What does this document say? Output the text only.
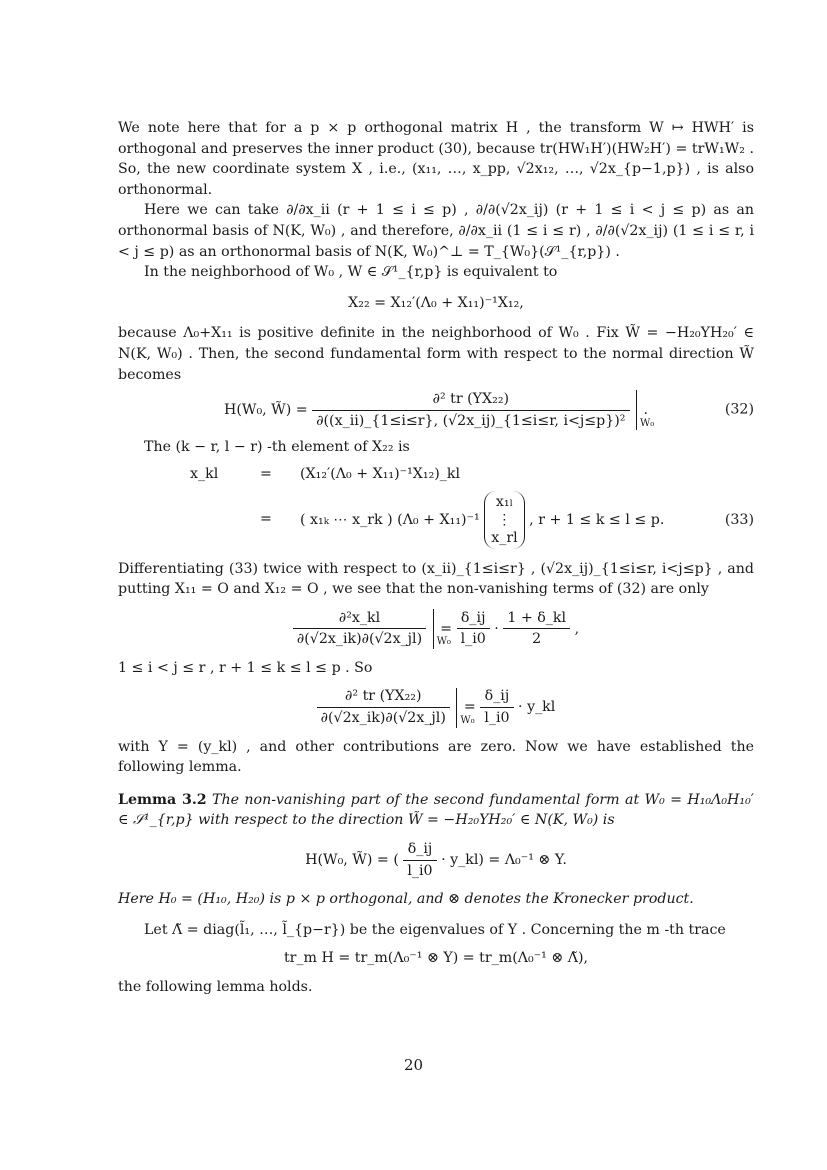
We note here that for a p × p orthogonal matrix H , the transform W ↦ HWH′ is orthogonal and preserves the inner product (30), because tr(HW₁H′)(HW₂H′) = trW₁W₂ . So, the new coordinate system X , i.e., (x₁₁, …, x_pp, √2x₁₂, …, √2x_{p−1,p}) , is also orthonormal.

Here we can take ∂/∂x_ii (r + 1 ≤ i ≤ p) , ∂/∂(√2x_ij) (r + 1 ≤ i < j ≤ p) as an orthonormal basis of N(K, W₀) , and therefore, ∂/∂x_ii (1 ≤ i ≤ r) , ∂/∂(√2x_ij) (1 ≤ i ≤ r, i < j ≤ p) as an orthonormal basis of N(K, W₀)^⊥ = T_{W₀}(𝒮¹_{r,p}) .

In the neighborhood of W₀ , W ∈ 𝒮¹_{r,p} is equivalent to

X₂₂ = X₁₂′(Λ₀ + X₁₁)⁻¹X₁₂,

because Λ₀+X₁₁ is positive definite in the neighborhood of W₀ . Fix W̃ = −H₂₀YH₂₀′ ∈ N(K, W₀) . Then, the second fundamental form with respect to the normal direction W̃ becomes

H(W₀, W̃) = $\frac{\text{∂² tr (YX₂₂)}}{\text{∂((x\_ii)\_\{1≤i≤r\}, (√2x\_ij)\_\{1≤i≤r, i<j≤p\})²}}$
W₀
.	(32)

The (k − r, l − r) -th element of X₂₂ is

x_kl	=	(X₁₂′(Λ₀ + X₁₁)⁻¹X₁₂)_kl
=	( x₁ₖ ⋯ x_rk ) (Λ₀ + X₁₁)⁻¹
x₁ₗ
⋮
x_rl
, r + 1 ≤ k ≤ l ≤ p.	(33)

Differentiating (33) twice with respect to (x_ii)_{1≤i≤r} , (√2x_ij)_{1≤i≤r, i<j≤p} , and putting X₁₁ = O and X₁₂ = O , we see that the non-vanishing terms of (32) are only

$\frac{\text{∂²x\_kl}}{\partial(√2x\_ik)\partial(√2x\_jl)}$
W₀
= $\frac{\delta\_ij}{l\_i0} \cdot \frac{1 + \delta\_kl}{2}$ ,

1 ≤ i < j ≤ r , r + 1 ≤ k ≤ l ≤ p . So

$\frac{\text{∂² tr (YX₂₂)}}{\partial(√2x\_ik)\partial(√2x\_jl)}$
W₀
= $\frac{\delta\_ij}{l\_i0}$ · y_kl

with Y = (y_kl) , and other contributions are zero. Now we have established the following lemma.

Lemma 3.2 The non-vanishing part of the second fundamental form at W₀ = H₁₀Λ₀H₁₀′ ∈ 𝒮¹_{r,p} with respect to the direction W̃ = −H₂₀YH₂₀′ ∈ N(K, W₀) is

H(W₀, W̃) = ( $\frac{\delta\_ij}{l\_i0}$ · y_kl) = Λ₀⁻¹ ⊗ Y.

Here H₀ = (H₁₀, H₂₀) is p × p orthogonal, and ⊗ denotes the Kronecker product.

Let Λ̃ = diag(l̃₁, …, l̃_{p−r}) be the eigenvalues of Y . Concerning the m -th trace

tr_m H = tr_m(Λ₀⁻¹ ⊗ Y) = tr_m(Λ₀⁻¹ ⊗ Λ̃),

the following lemma holds.

20
